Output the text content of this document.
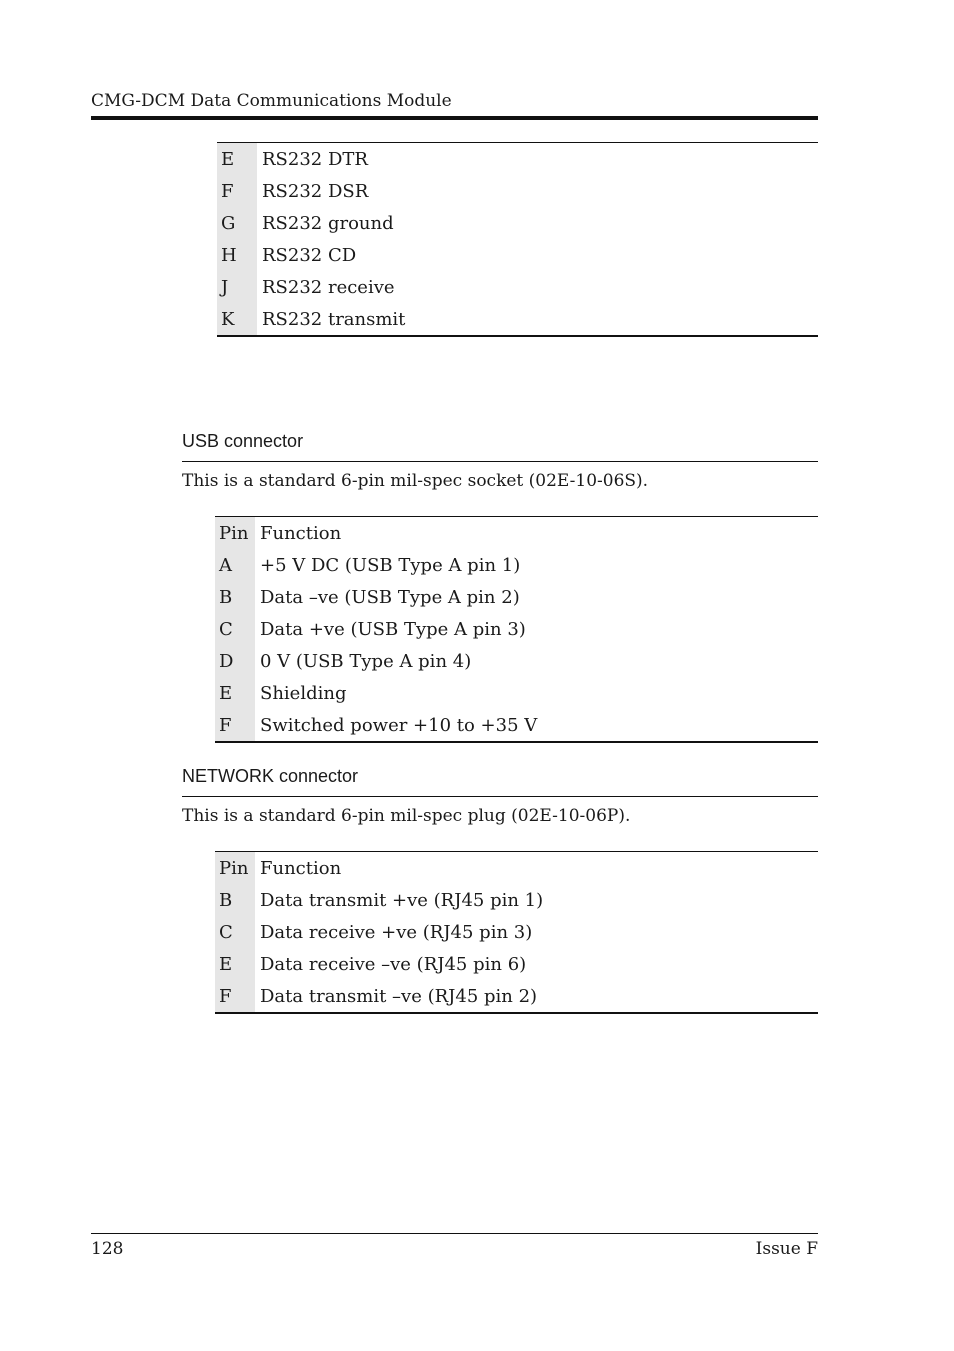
CMG-DCM Data Communications Module
E	RS232 DTR
F	RS232 DSR
G	RS232 ground
H	RS232 CD
J	RS232 receive
K	RS232 transmit
USB connector
This is a standard 6-pin mil-spec socket (02E-10-06S).
Pin	Function
A	+5 V DC (USB Type A pin 1)
B	Data –ve (USB Type A pin 2)
C	Data +ve (USB Type A pin 3)
D	0 V (USB Type A pin 4)
E	Shielding
F	Switched power +10 to +35 V
NETWORK connector
This is a standard 6-pin mil-spec plug (02E-10-06P).
Pin	Function
B	Data transmit +ve (RJ45 pin 1)
C	Data receive +ve (RJ45 pin 3)
E	Data receive –ve (RJ45 pin 6)
F	Data transmit –ve (RJ45 pin 2)
128	Issue F
